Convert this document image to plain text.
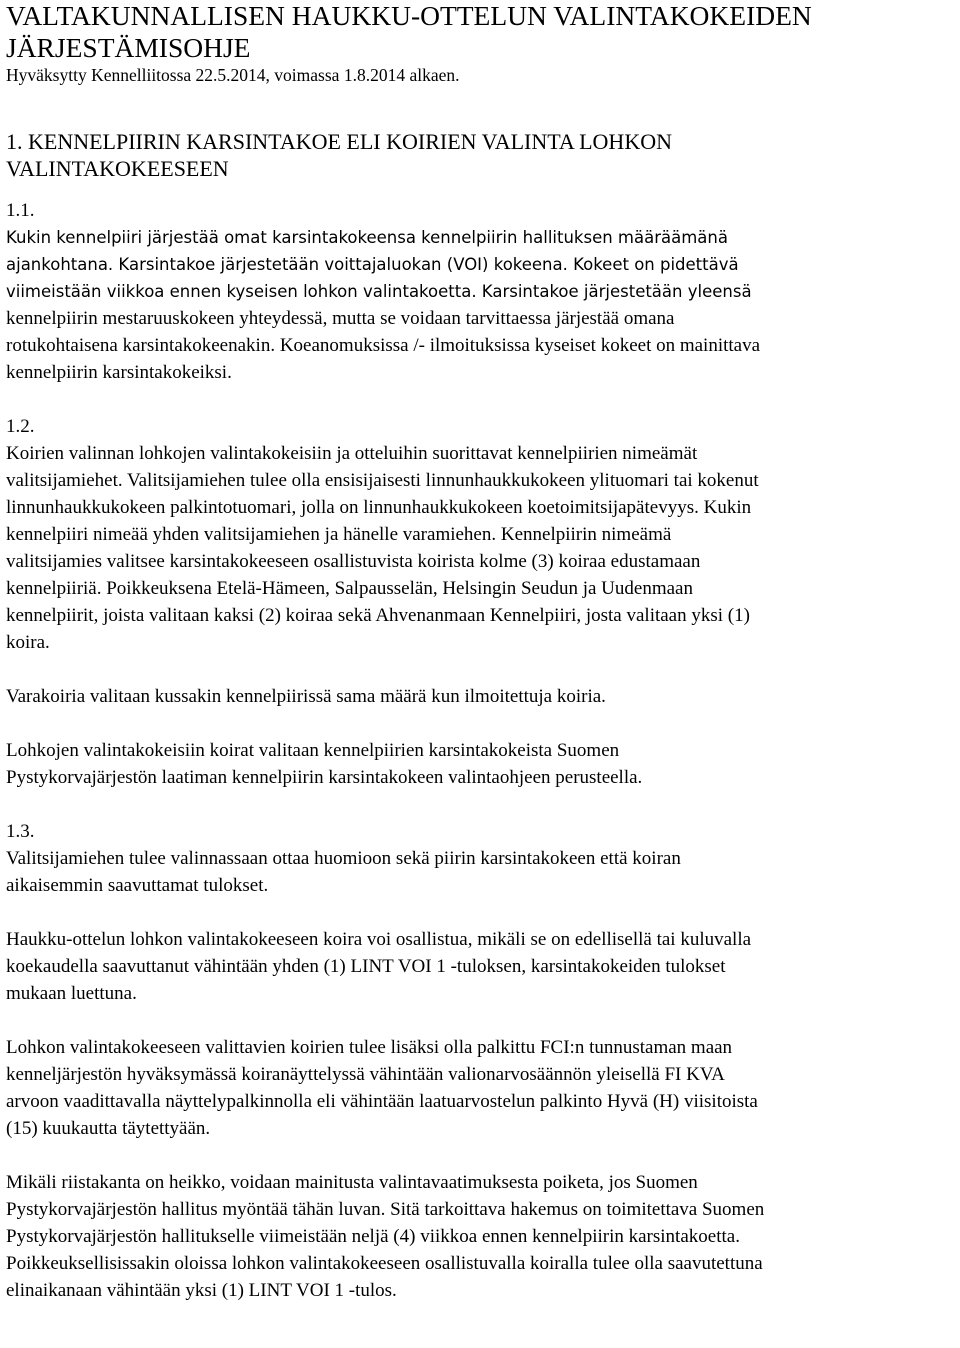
VALTAKUNNALLISEN HAUKKU-OTTELUN VALINTAKOKEIDEN
JÄRJESTÄMISOHJE

Hyväksytty Kennelliitossa 22.5.2014, voimassa 1.8.2014 alkaen.

1. KENNELPIIRIN KARSINTAKOE ELI KOIRIEN VALINTA LOHKON
VALINTAKOKEESEEN

1.1.

Kukin kennelpiiri järjestää omat karsintakokeensa kennelpiirin hallituksen määräämänä
ajankohtana. Karsintakoe järjestetään voittajaluokan (VOI) kokeena. Kokeet on pidettävä
viimeistään viikkoa ennen kyseisen lohkon valintakoetta. Karsintakoe järjestetään yleensä
kennelpiirin mestaruuskokeen yhteydessä, mutta se voidaan tarvittaessa järjestää omana
rotukohtaisena karsintakokeenakin. Koeanomuksissa /- ilmoituksissa kyseiset kokeet on mainittava
kennelpiirin karsintakokeiksi.

1.2.

Koirien valinnan lohkojen valintakokeisiin ja otteluihin suorittavat kennelpiirien nimeämät
valitsijamiehet. Valitsijamiehen tulee olla ensisijaisesti linnunhaukkukokeen ylituomari tai kokenut
linnunhaukkukokeen palkintotuomari, jolla on linnunhaukkukokeen koetoimitsijapätevyys. Kukin
kennelpiiri nimeää yhden valitsijamiehen ja hänelle varamiehen. Kennelpiirin nimeämä
valitsijamies valitsee karsintakokeeseen osallistuvista koirista kolme (3) koiraa edustamaan
kennelpiiriä. Poikkeuksena Etelä-Hämeen, Salpausselän, Helsingin Seudun ja Uudenmaan
kennelpiirit, joista valitaan kaksi (2) koiraa sekä Ahvenanmaan Kennelpiiri, josta valitaan yksi (1)
koira.

Varakoiria valitaan kussakin kennelpiirissä sama määrä kun ilmoitettuja koiria.

Lohkojen valintakokeisiin koirat valitaan kennelpiirien karsintakokeista Suomen
Pystykorvajärjestön laatiman kennelpiirin karsintakokeen valintaohjeen perusteella.

1.3.

Valitsijamiehen tulee valinnassaan ottaa huomioon sekä piirin karsintakokeen että koiran
aikaisemmin saavuttamat tulokset.

Haukku-ottelun lohkon valintakokeeseen koira voi osallistua, mikäli se on edellisellä tai kuluvalla
koekaudella saavuttanut vähintään yhden (1) LINT VOI 1 -tuloksen, karsintakokeiden tulokset
mukaan luettuna.

Lohkon valintakokeeseen valittavien koirien tulee lisäksi olla palkittu FCI:n tunnustaman maan
kenneljärjestön hyväksymässä koiranäyttelyssä vähintään valionarvosäännön yleisellä FI KVA
arvoon vaadittavalla näyttelypalkinnolla eli vähintään laatuarvostelun palkinto Hyvä (H) viisitoista
(15) kuukautta täytettyään.

Mikäli riistakanta on heikko, voidaan mainitusta valintavaatimuksesta poiketa, jos Suomen
Pystykorvajärjestön hallitus myöntää tähän luvan. Sitä tarkoittava hakemus on toimitettava Suomen
Pystykorvajärjestön hallitukselle viimeistään neljä (4) viikkoa ennen kennelpiirin karsintakoetta.
Poikkeuksellisissakin oloissa lohkon valintakokeeseen osallistuvalla koiralla tulee olla saavutettuna
elinaikanaan vähintään yksi (1) LINT VOI 1 -tulos.
